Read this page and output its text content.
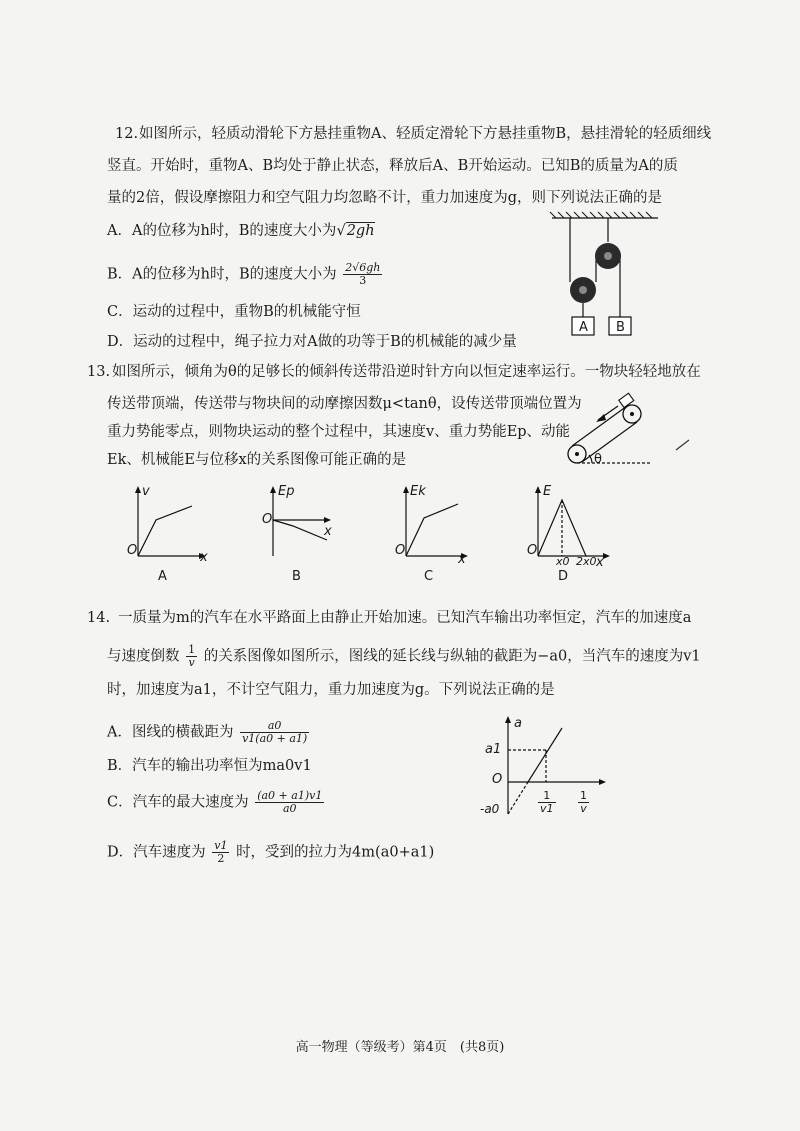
12. 如图所示，轻质动滑轮下方悬挂重物A、轻质定滑轮下方悬挂重物B，悬挂滑轮的轻质细线
竖直。开始时，重物A、B均处于静止状态，释放后A、B开始运动。已知B的质量为A的质
量的2倍，假设摩擦阻力和空气阻力均忽略不计，重力加速度为g，则下列说法正确的是
A．A的位移为h时，B的速度大小为√2gh
B．A的位移为h时，B的速度大小为 $\frac{2√6gh}{3}$
C．运动的过程中，重物B的机械能守恒
D．运动的过程中，绳子拉力对A做的功等于B的机械能的减少量
A B
13. 如图所示，倾角为θ的足够长的倾斜传送带沿逆时针方向以恒定速率运行。一物块轻轻地放在
传送带顶端，传送带与物块间的动摩擦因数μ<tanθ，设传送带顶端位置为
重力势能零点，则物块运动的整个过程中，其速度v、重力势能Ep、动能
Ek、机械能E与位移x的关系图像可能正确的是	θ
v
x
O
A
Ep
x
O
B
Ek
x
O
C
E
O
x0 2x0 x
D
14. 一质量为m的汽车在水平路面上由静止开始加速。已知汽车输出功率恒定，汽车的加速度a
与速度倒数 $\frac{1}{v}$ 的关系图像如图所示，图线的延长线与纵轴的截距为−a0，当汽车的速度为v1
时，加速度为a1，不计空气阻力，重力加速度为g。下列说法正确的是
A．图线的横截距为 $\frac{a0}{v1(a0 + a1)}$
B．汽车的输出功率恒为ma0v1
C．汽车的最大速度为 $\frac{(a0 + a1)v1}{a0}$
D．汽车速度为 $\frac{v1}{2}$ 时，受到的拉力为4m(a0+a1)
a
a1
O
-a0	$\frac{1}{v1} \frac{1}{v}$
高一物理（等级考）第4页　(共8页)
